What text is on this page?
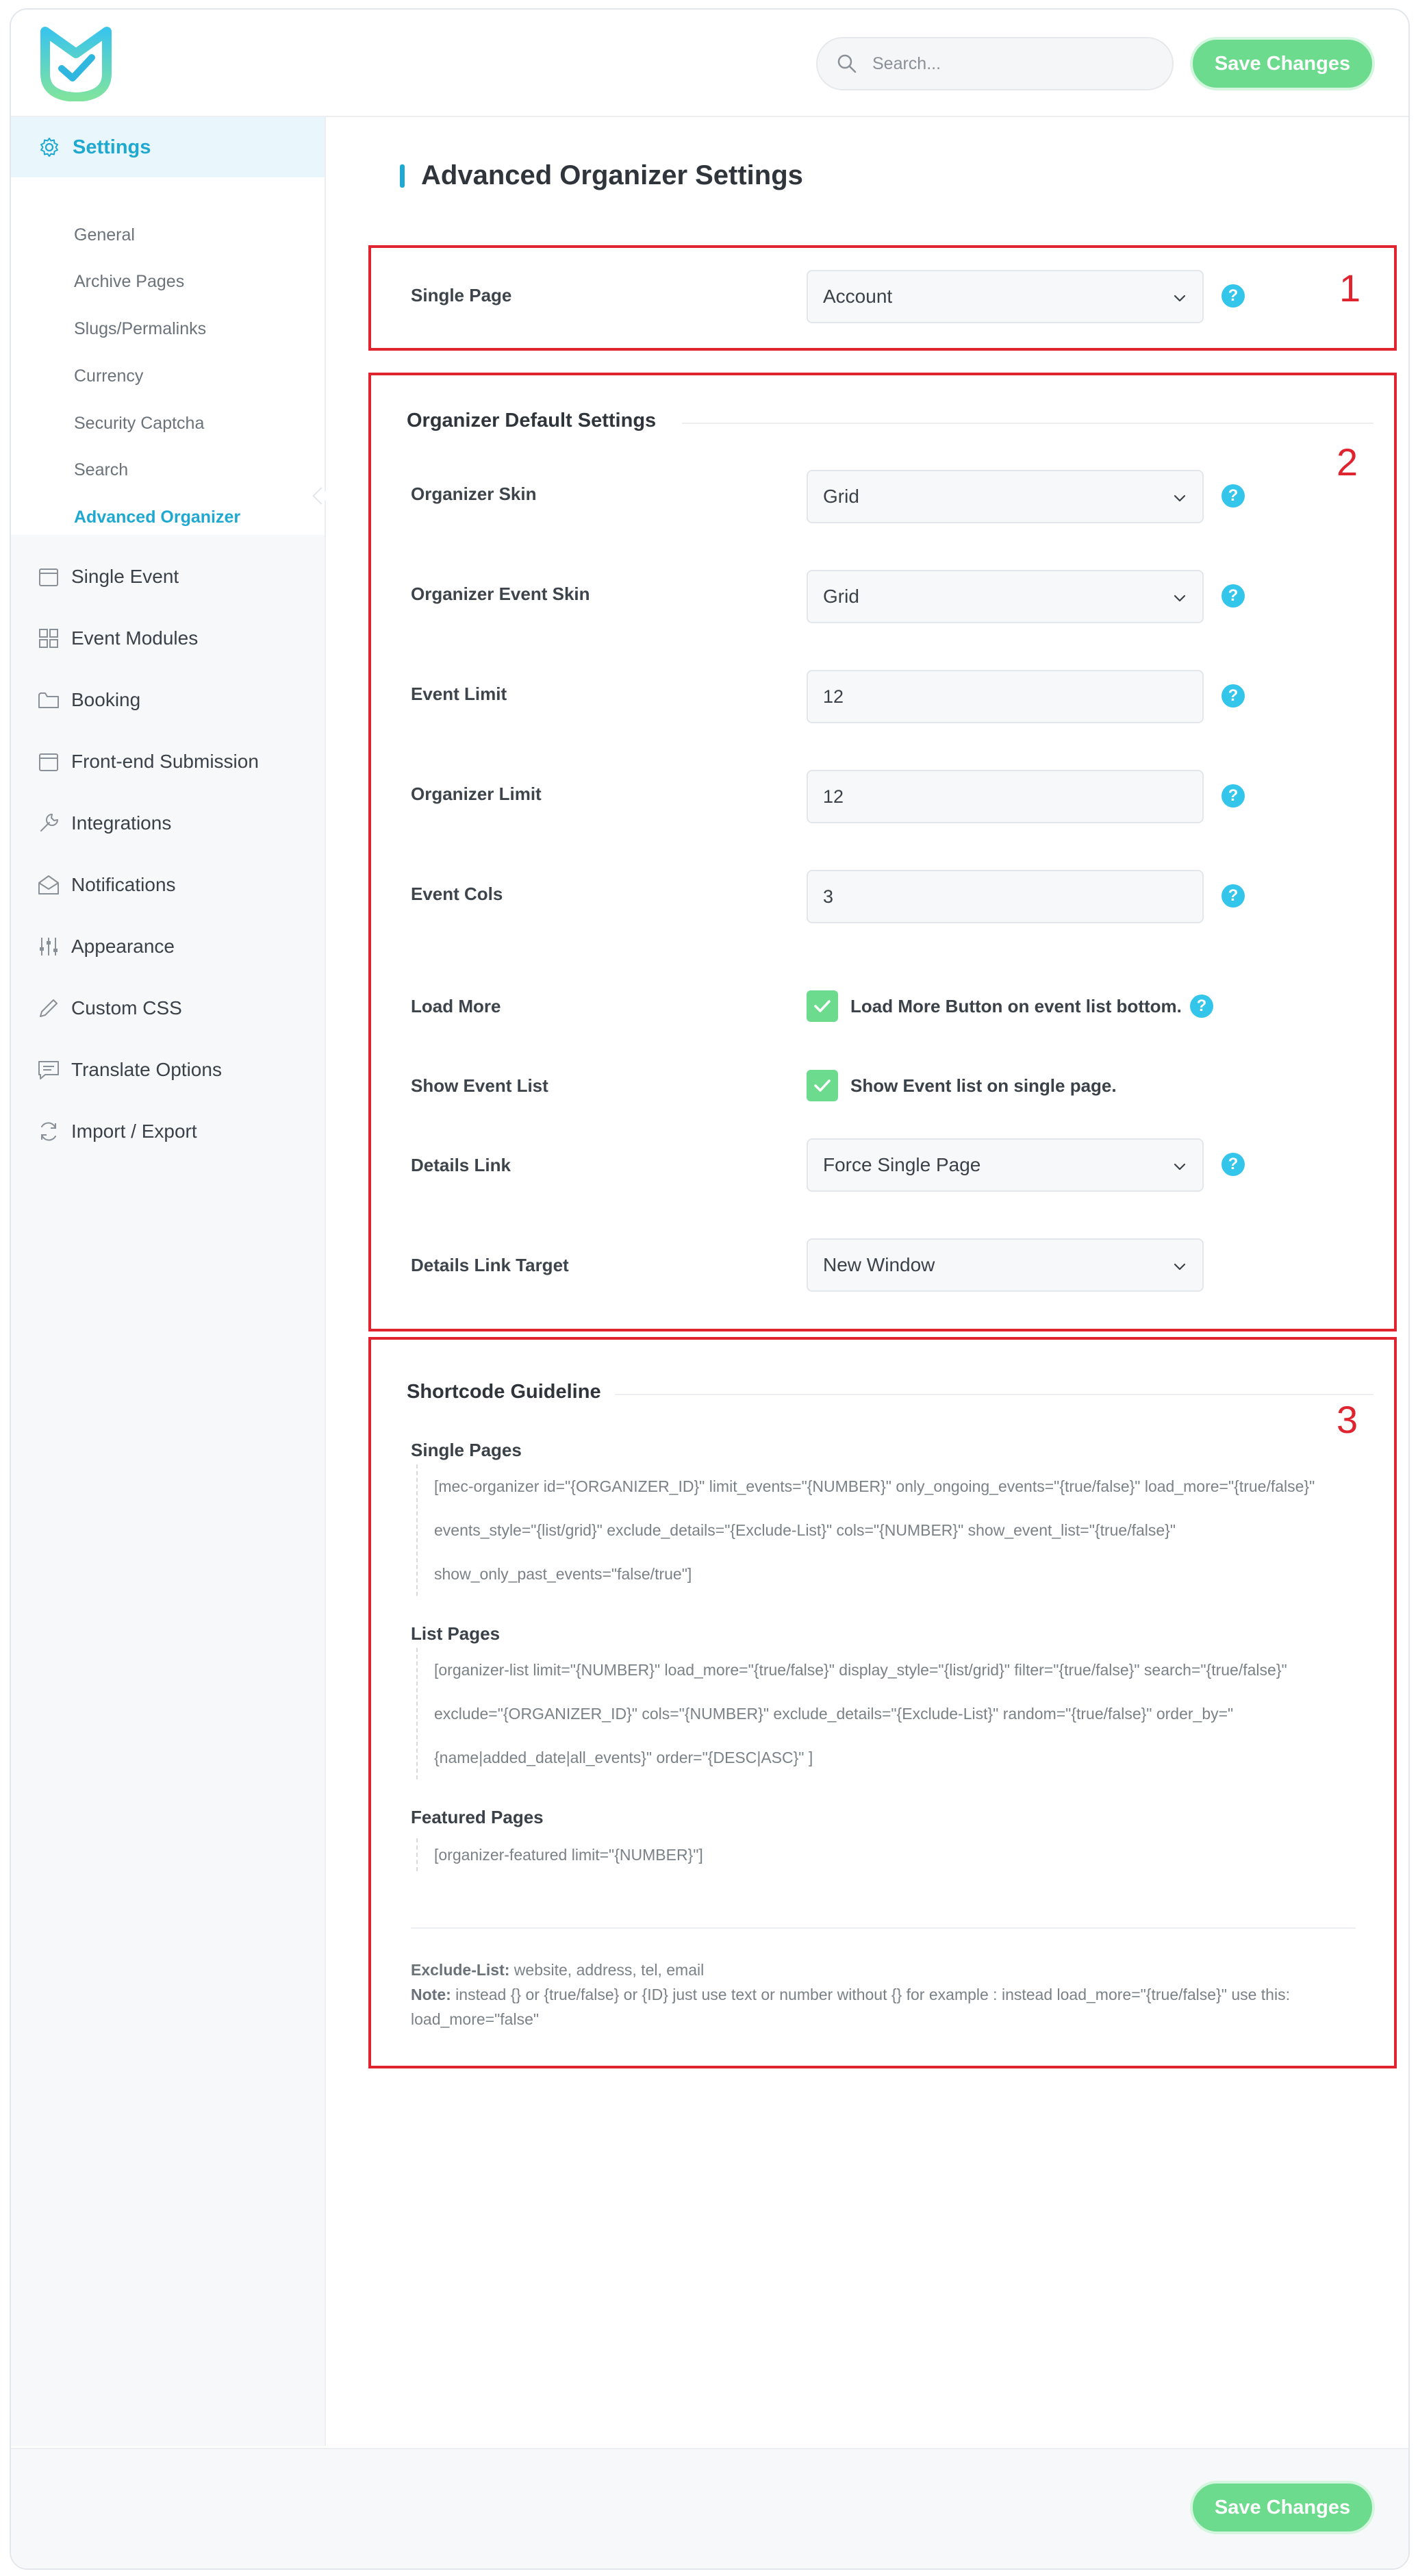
Search...
Save Changes
Settings
General
Archive Pages
Slugs/Permalinks
Currency
Security Captcha
Search
Advanced Organizer
Single Event
Event Modules
Booking
Front-end Submission
Integrations
Notifications
Appearance
Custom CSS
Translate Options
Import / Export
Advanced Organizer Settings
1
2
3
Single Page	Account	?
Organizer Default Settings
Organizer Skin	Grid	?
Organizer Event Skin	Grid	?
Event Limit	12	?
Organizer Limit	12	?
Event Cols	3	?
Load More	Load More Button on event list bottom. ?
Show Event List	Show Event list on single page.
Details Link	Force Single Page	?
Details Link Target	New Window
Shortcode Guideline
Single Pages

[mec-organizer id="{ORGANIZER_ID}" limit_events="{NUMBER}" only_ongoing_events="{true/false}" load_more="{true/false}"

events_style="{list/grid}" exclude_details="{Exclude-List}" cols="{NUMBER}" show_event_list="{true/false}"

show_only_past_events="false/true"]

List Pages

[organizer-list limit="{NUMBER}" load_more="{true/false}" display_style="{list/grid}" filter="{true/false}" search="{true/false}"

exclude="{ORGANIZER_ID}" cols="{NUMBER}" exclude_details="{Exclude-List}" random="{true/false}" order_by="

{name|added_date|all_events}" order="{DESC|ASC}" ]

Featured Pages

[organizer-featured limit="{NUMBER}"]

Exclude-List: website, address, tel, email
Note: instead {} or {true/false} or {ID} just use text or number without {} for example : instead load_more="{true/false}" use this:
load_more="false"
Save Changes
